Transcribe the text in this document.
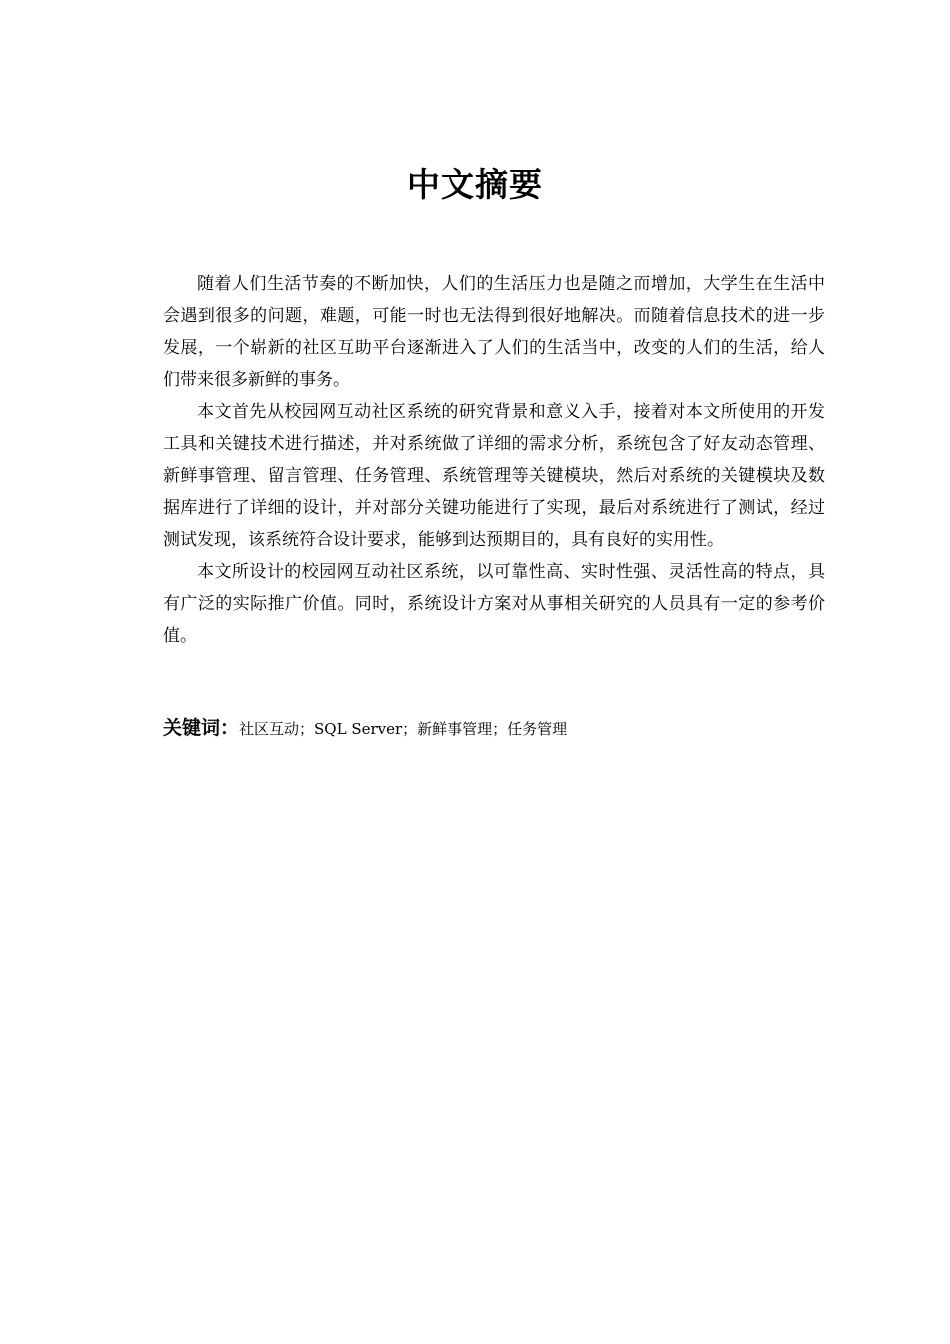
中文摘要

随着人们生活节奏的不断加快，人们的生活压力也是随之而增加，大学生在生活中会遇到很多的问题，难题，可能一时也无法得到很好地解决。而随着信息技术的进一步发展，一个崭新的社区互助平台逐渐进入了人们的生活当中，改变的人们的生活，给人们带来很多新鲜的事务。

本文首先从校园网互动社区系统的研究背景和意义入手，接着对本文所使用的开发工具和关键技术进行描述，并对系统做了详细的需求分析，系统包含了好友动态管理、新鲜事管理、留言管理、任务管理、系统管理等关键模块，然后对系统的关键模块及数据库进行了详细的设计，并对部分关键功能进行了实现，最后对系统进行了测试，经过测试发现，该系统符合设计要求，能够到达预期目的，具有良好的实用性。

本文所设计的校园网互动社区系统，以可靠性高、实时性强、灵活性高的特点，具有广泛的实际推广价值。同时，系统设计方案对从事相关研究的人员具有一定的参考价值。

关键词：社区互动；SQL Server；新鲜事管理；任务管理
